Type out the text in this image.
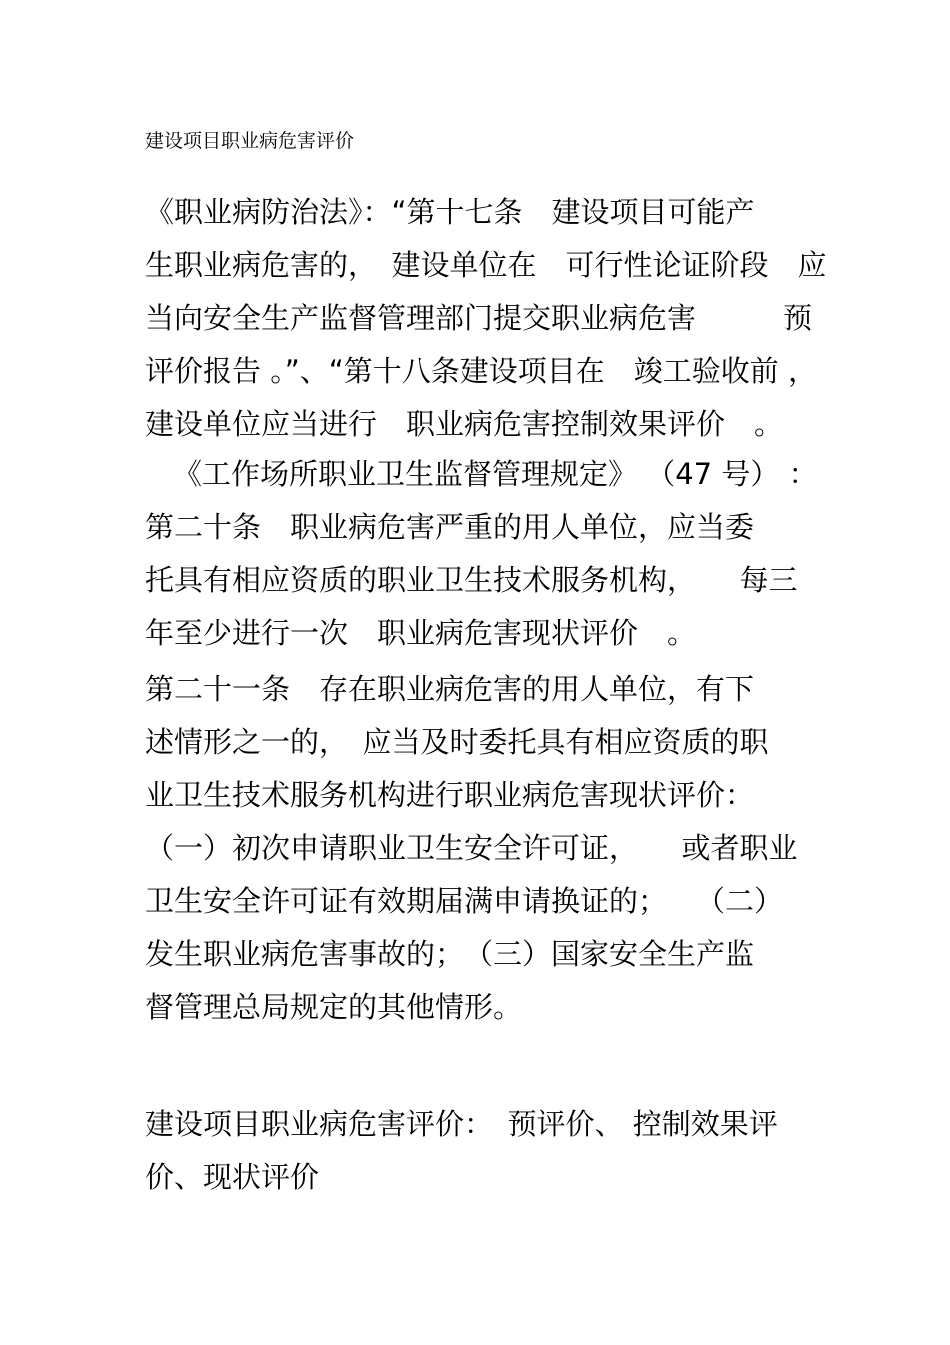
建设项目职业病危害评价
《职业病防治法》：“第十七条　建设项目可能产
生职业病危害的，　建设单位在　可行性论证阶段　应
当向安全生产监督管理部门提交职业病危害　　　预
评价报告 。”、“第十八条建设项目在　竣工验收前 ，
建设单位应当进行　职业病危害控制效果评价　。
《工作场所职业卫生监督管理规定》 （47 号） ：
第二十条　职业病危害严重的用人单位，应当委
托具有相应资质的职业卫生技术服务机构，　　每三
年至少进行一次　职业病危害现状评价　。
第二十一条　存在职业病危害的用人单位，有下
述情形之一的，　应当及时委托具有相应资质的职
业卫生技术服务机构进行职业病危害现状评价：
（一）初次申请职业卫生安全许可证，　　或者职业
卫生安全许可证有效期届满申请换证的；　　（二）
发生职业病危害事故的；　（三）国家安全生产监
督管理总局规定的其他情形。
建设项目职业病危害评价：　预评价、 控制效果评
价、现状评价
